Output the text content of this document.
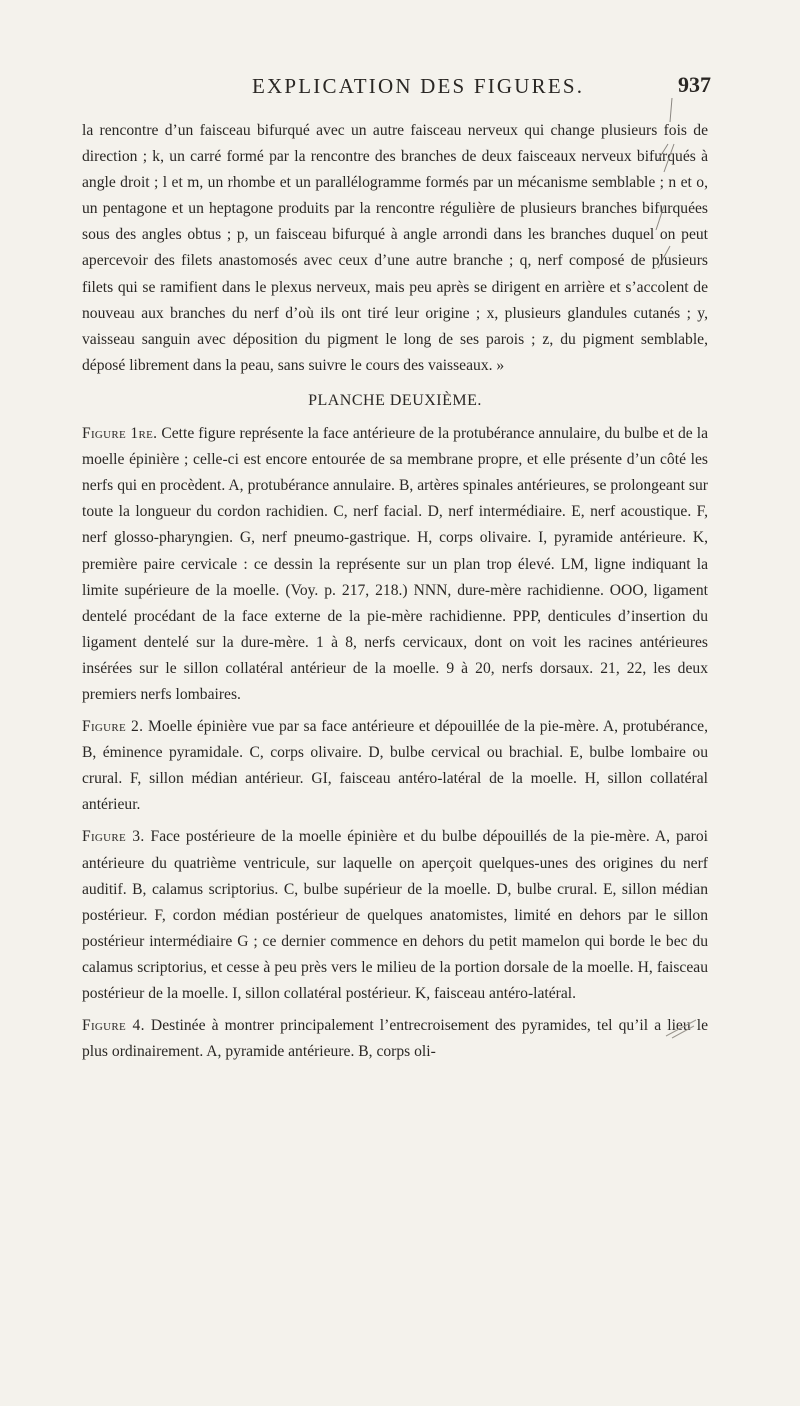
EXPLICATION DES FIGURES.	937

la rencontre d’un faisceau bifurqué avec un autre faisceau nerveux qui change plusieurs fois de direction ; k, un carré formé par la rencontre des branches de deux faisceaux nerveux bifurqués à angle droit ; l et m, un rhombe et un parallélogramme formés par un mécanisme semblable ; n et o, un pentagone et un heptagone produits par la rencontre régulière de plusieurs branches bifurquées sous des angles obtus ; p, un faisceau bifurqué à angle arrondi dans les branches duquel on peut apercevoir des filets anastomosés avec ceux d’une autre branche ; q, nerf composé de plusieurs filets qui se ramifient dans le plexus nerveux, mais peu après se dirigent en arrière et s’accolent de nouveau aux branches du nerf d’où ils ont tiré leur origine ; x, plusieurs glandules cutanés ; y, vaisseau sanguin avec déposition du pigment le long de ses parois ; z, du pigment semblable, déposé librement dans la peau, sans suivre le cours des vaisseaux. »

PLANCHE DEUXIÈME.

Figure 1re. Cette figure représente la face antérieure de la protubérance annulaire, du bulbe et de la moelle épinière ; celle-ci est encore entourée de sa membrane propre, et elle présente d’un côté les nerfs qui en procèdent. A, protubérance annulaire. B, artères spinales antérieures, se prolongeant sur toute la longueur du cordon rachidien. C, nerf facial. D, nerf intermédiaire. E, nerf acoustique. F, nerf glosso-pharyngien. G, nerf pneumo-gastrique. H, corps olivaire. I, pyramide antérieure. K, première paire cervicale : ce dessin la représente sur un plan trop élevé. LM, ligne indiquant la limite supérieure de la moelle. (Voy. p. 217, 218.) NNN, dure-mère rachidienne. OOO, ligament dentelé procédant de la face externe de la pie-mère rachidienne. PPP, denticules d’insertion du ligament dentelé sur la dure-mère. 1 à 8, nerfs cervicaux, dont on voit les racines antérieures insérées sur le sillon collatéral antérieur de la moelle. 9 à 20, nerfs dorsaux. 21, 22, les deux premiers nerfs lombaires.

Figure 2. Moelle épinière vue par sa face antérieure et dépouillée de la pie-mère. A, protubérance, B, éminence pyramidale. C, corps olivaire. D, bulbe cervical ou brachial. E, bulbe lombaire ou crural. F, sillon médian antérieur. GI, faisceau antéro-latéral de la moelle. H, sillon collatéral antérieur.

Figure 3. Face postérieure de la moelle épinière et du bulbe dépouillés de la pie-mère. A, paroi antérieure du quatrième ventricule, sur laquelle on aperçoit quelques-unes des origines du nerf auditif. B, calamus scriptorius. C, bulbe supérieur de la moelle. D, bulbe crural. E, sillon médian postérieur. F, cordon médian postérieur de quelques anatomistes, limité en dehors par le sillon postérieur intermédiaire G ; ce dernier commence en dehors du petit mamelon qui borde le bec du calamus scriptorius, et cesse à peu près vers le milieu de la portion dorsale de la moelle. H, faisceau postérieur de la moelle. I, sillon collatéral postérieur. K, faisceau antéro-latéral.

Figure 4. Destinée à montrer principalement l’entrecroisement des pyramides, tel qu’il a lieu le plus ordinairement. A, pyramide antérieure. B, corps oli-
